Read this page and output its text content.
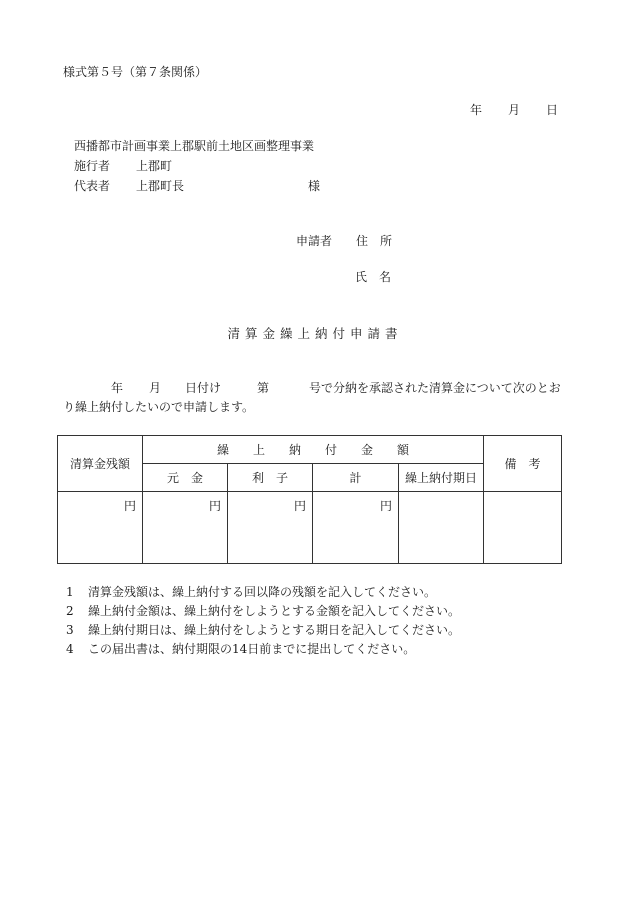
様式第５号（第７条関係）
年 月 日
西播都市計画事業上郡駅前土地区画整理事業
施行者 上郡町
代表者 上郡町長	様
申請者 住　所
氏　名
清算金繰上納付申請書
年 月 日付け	第	号で分納を承認された清算金について次のとお
り繰上納付したいので申請します。
清算金残額	繰　　上　　納　　付　　金　　額				備　考
	元　金	利　子	計	繰上納付期日	
円	円	円	円		
1 清算金残額は、繰上納付する回以降の残額を記入してください。
2 繰上納付金額は、繰上納付をしようとする金額を記入してください。
3 繰上納付期日は、繰上納付をしようとする期日を記入してください。
4 この届出書は、納付期限の14日前までに提出してください。
